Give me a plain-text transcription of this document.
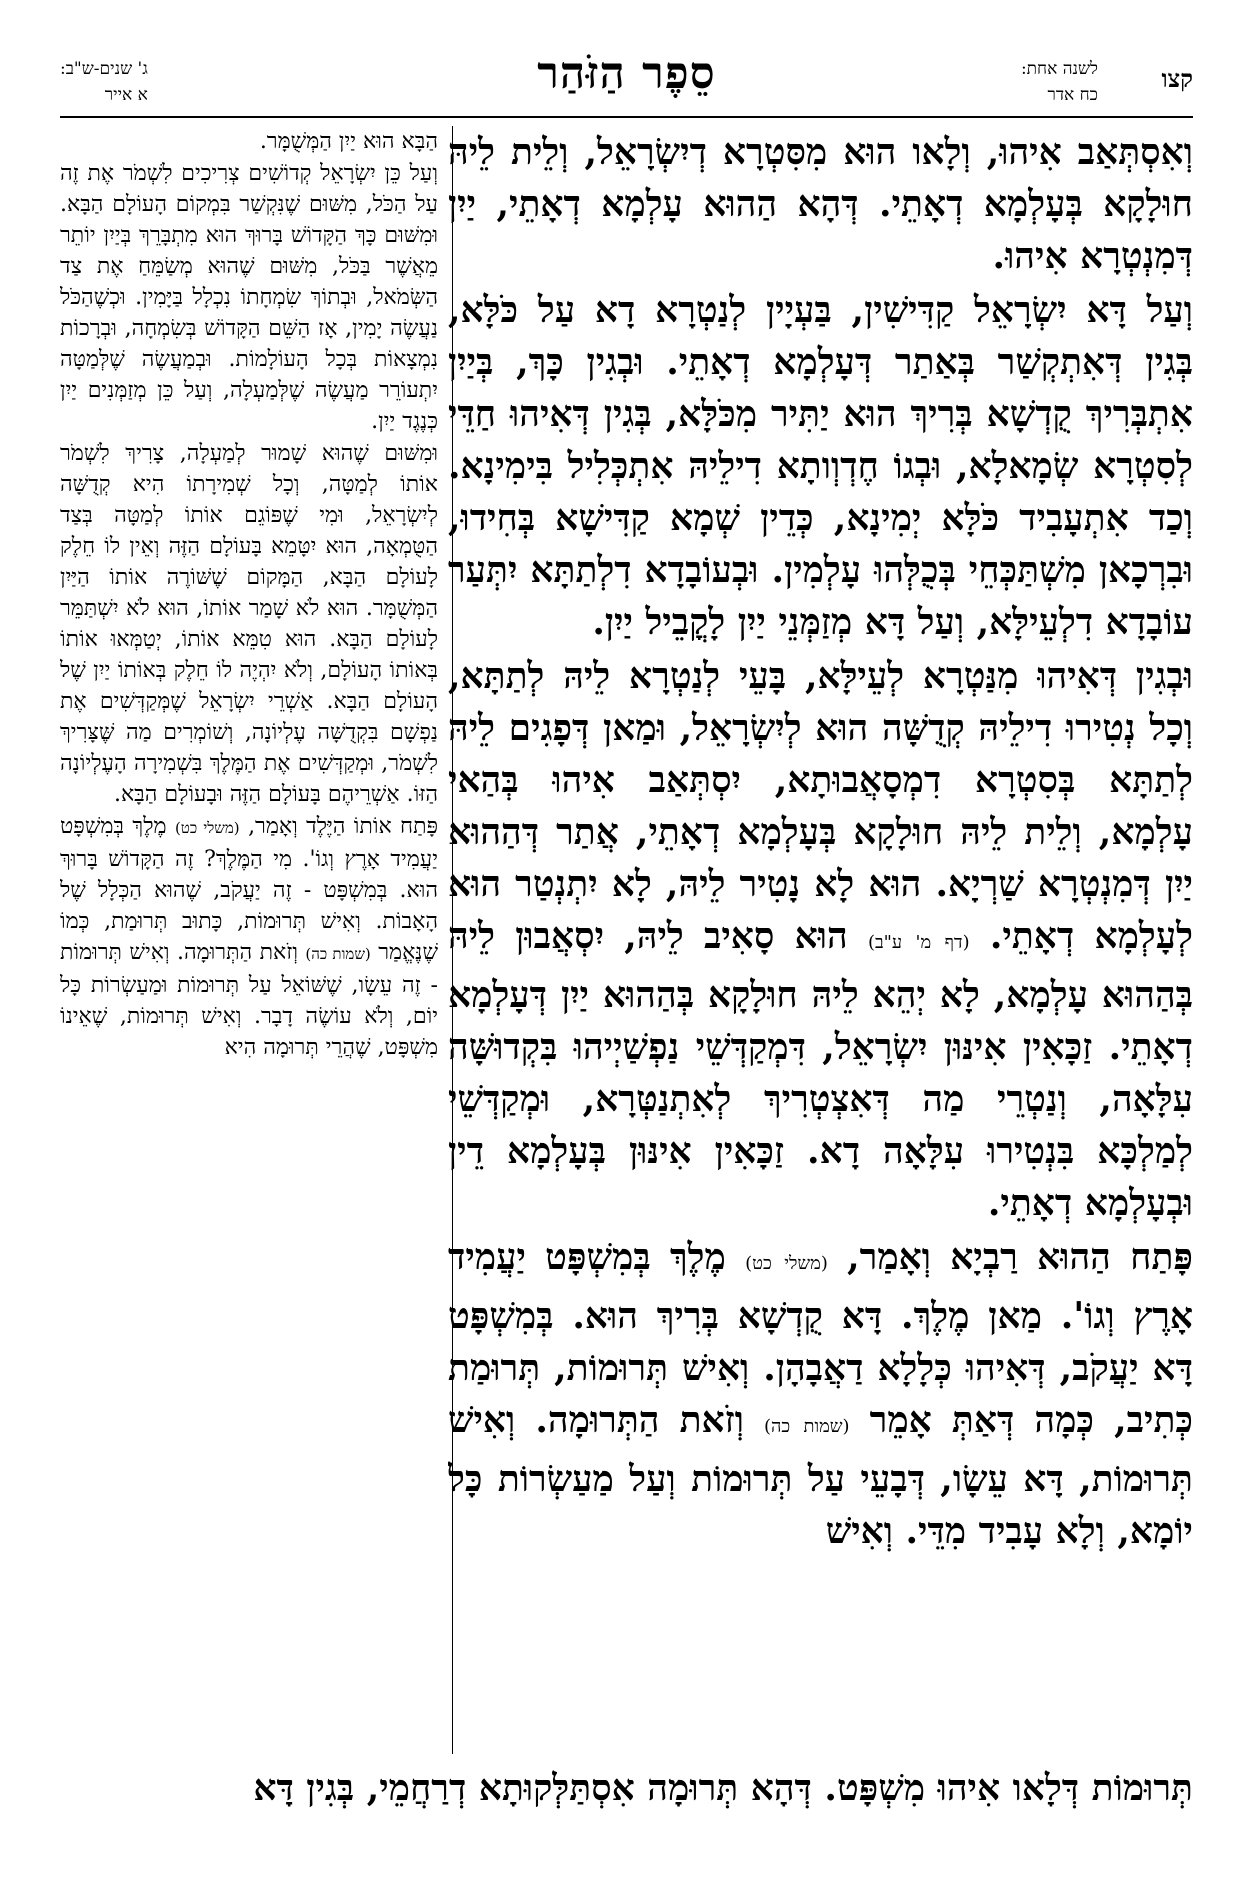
קצו
לשנה אחת:
כח אדר
סֵפֶר הַזֹּהַר
ג' שנים-ש"ב:
א אייר

וְאִסְתְּאַב אִיהוּ, וְלָאו הוּא מִסִּטְרָא דְיִשְׂרָאֵל, וְלֵית לֵיהּ חוּלָקָא בְּעָלְמָא דְאָתֵי. דְּהָא הַהוּא עָלְמָא דְאָתֵי, יַיִן דְּמִנְטְרָא אִיהוּ.

וְעַל דָּא יִשְׂרָאֵל קַדִּישִׁין, בַּעְיָין לְנַטְרָא דָא עַל כֹּלָּא, בְּגִין דְּאִתְקְשַׁר בְּאַתַר דְּעָלְמָא דְאָתֵי. וּבְגִין כָּךְ, בְּיַיִן אִתְבְּרִיךְ קֻדְשָׁא בְּרִיךְ הוּא יַתִּיר מִכֹּלָּא, בְּגִין דְּאִיהוּ חַדֵּי לְסִטְרָא שְׂמָאלָא, וּבְגוֹ חֶדְוְותָא דִילֵיהּ אִתְכְּלִיל בִּימִינָא. וְכַד אִתְעָבִיד כֹּלָּא יְמִינָא, כְּדֵין שְׁמָא קַדִּישָׁא בְּחִידוּ, וּבִרְכָאן מִשְׁתַּכְּחֵי בְּכֻלְּהוּ עָלְמִין. וּבְעוֹבָדָא דִלְתַתָּא יִתְּעַר עוֹבָדָא דִלְעֵילָּא, וְעַל דָּא מְזַמְּנֵי יַיִן לָקֳבֵיל יַיִן.

וּבְגִין דְּאִיהוּ מִנַּטְרָא לְעֵילָּא, בָּעֵי לְנַטְרָא לֵיהּ לְתַתָּא, וְכָל נְטִירוּ דִילֵיהּ קְדֻשָּׁה הוּא לְיִשְׂרָאֵל, וּמַאן דְּפָגִים לֵיהּ לְתַתָּא בְּסִטְרָא דִמְסָאֲבוּתָא, יִסְתְּאַב אִיהוּ בְּהַאי עָלְמָא, וְלֵית לֵיהּ חוּלָקָא בְּעָלְמָא דְאָתֵי, אֲתַר דְּהַהוּא יַיִן דְּמִנְטְרָא שַׁרְיָא. הוּא לָא נָטִיר לֵיהּ, לָא יִתְנְטַר הוּא לְעָלְמָא דְאָתֵי. (דף מ' ע"ב) הוּא סָאִיב לֵיהּ, יִסְאֲבוּן לֵיהּ בְּהַהוּא עָלְמָא, לָא יְהֵא לֵיהּ חוּלָקָא בְּהַהוּא יַיִן דְּעָלְמָא דְאָתֵי. זַכָּאִין אִינּוּן יִשְׂרָאֵל, דִּמְקַדְּשֵׁי נַפְשַׁיְיהוּ בִּקְדוּשָּׁה עִלָּאָה, וְנַטְרֵי מַה דְּאִצְטְרִיךְ לְאִתְנַטְּרָא, וּמְקַדְּשֵׁי לְמַלְכָּא בִּנְטִירוּ עִלָּאָה דָא. זַכָּאִין אִינּוּן בְּעָלְמָא דֵין וּבְעָלְמָא דְאָתֵי.

פָּתַח הַהוּא רַבְיָא וְאָמַר, (משלי כט) מֶלֶךְ בְּמִשְׁפָּט יַעֲמִיד אָרֶץ וְגוֹ'. מַאן מֶלֶךְ. דָּא קֻדְשָׁא בְּרִיךְ הוּא. בְּמִשְׁפָּט דָּא יַעֲקֹב, דְּאִיהוּ כְּלָלָא דַאֲבָהָן. וְאִישׁ תְּרוּמוֹת, תְּרוּמַת כְּתִיב, כְּמָה דְּאַתְּ אָמֵר (שמות כה) וְזֹאת הַתְּרוּמָה. וְאִישׁ תְּרוּמוֹת, דָּא עֵשָׂו, דְּבָעֵי עַל תְּרוּמוֹת וְעַל מַעַשְׂרוֹת כָּל יוֹמָא, וְלָא עָבִיד מִדֵּי. וְאִישׁ

הַבָּא הוּא יַיִן הַמְּשֻׁמָּר.

וְעַל כֵּן יִשְׂרָאֵל קְדוֹשִׁים צְרִיכִים לִשְׁמֹר אֶת זֶה עַל הַכֹּל, מִשּׁוּם שֶׁנִּקְשַׁר בִּמְקוֹם הָעוֹלָם הַבָּא. וּמִשּׁוּם כָּךְ הַקָּדוֹשׁ בָּרוּךְ הוּא מִתְבָּרֵךְ בְּיַיִן יוֹתֵר מֵאֲשֶׁר בַּכֹּל, מִשּׁוּם שֶׁהוּא מְשַׂמֵּחַ אֶת צַד הַשְּׂמֹאל, וּבְתוֹךְ שִׂמְחָתוֹ נִכְלָל בַּיָּמִין. וּכְשֶׁהַכֹּל נַעֲשֶׂה יָמִין, אָז הַשֵּׁם הַקָּדוֹשׁ בְּשִׂמְחָה, וּבְרָכוֹת נִמְצָאוֹת בְּכָל הָעוֹלָמוֹת. וּבְמַעֲשֶׂה שֶׁלְּמַטָּה יִתְעוֹרֵר מַעֲשֶׂה שֶׁלְּמַעְלָה, וְעַל כֵּן מְזַמְּנִים יַיִן כְּנֶגֶד יַיִן.

וּמִשּׁוּם שֶׁהוּא שָׁמוּר לְמַעְלָה, צָרִיךְ לִשְׁמֹר אוֹתוֹ לְמַטָּה, וְכָל שְׁמִירָתוֹ הִיא קְדֻשָּׁה לְיִשְׂרָאֵל, וּמִי שֶׁפּוֹגֵם אוֹתוֹ לְמַטָּה בְּצַד הַטֻּמְאָה, הוּא יִטָּמֵא בָּעוֹלָם הַזֶּה וְאֵין לוֹ חֵלֶק לָעוֹלָם הַבָּא, הַמָּקוֹם שֶׁשּׁוֹרֶה אוֹתוֹ הַיַּיִן הַמְּשֻׁמָּר. הוּא לֹא שָׁמַר אוֹתוֹ, הוּא לֹא יִשְׁתַּמֵּר לָעוֹלָם הַבָּא. הוּא טִמֵּא אוֹתוֹ, יְטַמְּאוּ אוֹתוֹ בְּאוֹתוֹ הָעוֹלָם, וְלֹא יִהְיֶה לוֹ חֵלֶק בְּאוֹתוֹ יַיִן שֶׁל הָעוֹלָם הַבָּא. אַשְׁרֵי יִשְׂרָאֵל שֶׁמְּקַדְּשִׁים אֶת נַפְשָׁם בִּקְדֻשָּׁה עֶלְיוֹנָה, וְשׁוֹמְרִים מַה שֶּׁצָּרִיךְ לִשְׁמֹר, וּמְקַדְּשִׁים אֶת הַמֶּלֶךְ בִּשְׁמִירָה הָעֶלְיוֹנָה הַזּוֹ. אַשְׁרֵיהֶם בָּעוֹלָם הַזֶּה וּבָעוֹלָם הַבָּא.

פָּתַח אוֹתוֹ הַיֶּלֶד וְאָמַר, (משלי כט) מֶלֶךְ בְּמִשְׁפָּט יַעֲמִיד אָרֶץ וְגוֹ'. מִי הַמֶּלֶךְ? זֶה הַקָּדוֹשׁ בָּרוּךְ הוּא. בְּמִשְׁפָּט - זֶה יַעֲקֹב, שֶׁהוּא הַכְּלָל שֶׁל הָאָבוֹת. וְאִישׁ תְּרוּמוֹת, כָּתוּב תְּרוּמַת, כְּמוֹ שֶׁנֶּאֱמַר (שמות כה) וְזֹאת הַתְּרוּמָה. וְאִישׁ תְּרוּמוֹת - זֶה עֵשָׂו, שֶׁשּׁוֹאֵל עַל תְּרוּמוֹת וּמַעַשְׂרוֹת כָּל יוֹם, וְלֹא עוֹשֶׂה דָבָר. וְאִישׁ תְּרוּמוֹת, שֶׁאֵינוֹ מִשְׁפָּט, שֶׁהֲרֵי תְּרוּמָה הִיא

תְּרוּמוֹת דְּלָאו אִיהוּ מִשְׁפָּט. דְּהָא תְּרוּמָה אִסְתַּלְּקוּתָא דְרַחֲמֵי, בְּגִין דָּא
